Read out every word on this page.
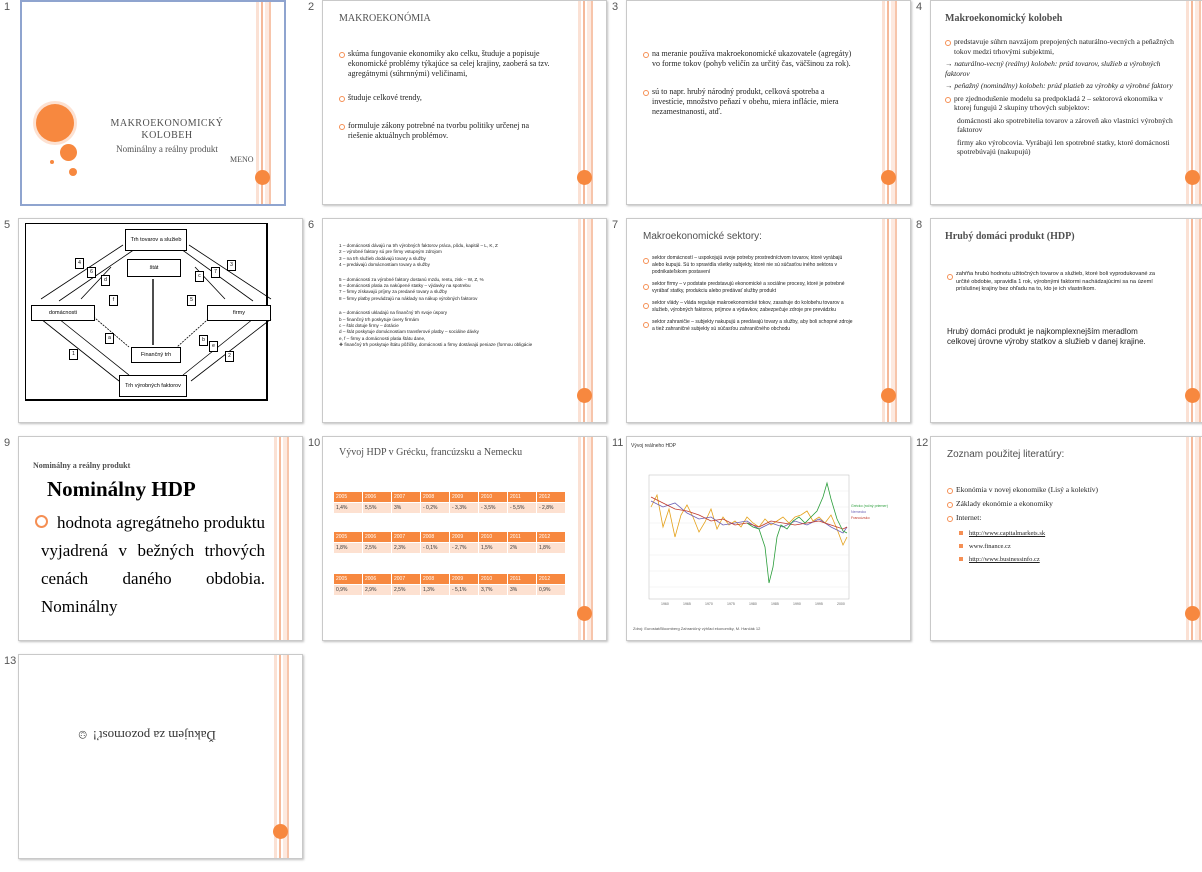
1
MAKROEKONOMICKÝ KOLOBEH
Nominálny a reálny produkt
MENO
2
MAKROEKONÓMIA
skúma fungovanie ekonomiky ako celku, študuje a popisuje ekonomické problémy týkajúce sa celej krajiny, zaoberá sa tzv. agregátnymi (súhrnnými) veličinami,
študuje celkové trendy,
formuluje zákony potrebné na tvorbu politiky určenej na riešenie aktuálnych problémov.
3
na meranie používa makroekonomické ukazovatele (agregáty) vo forme tokov (pohyb veličín za určitý čas, väčšinou za rok).
sú to napr. hrubý národný produkt, celková spotreba a investície, množstvo peňazí v obehu, miera inflácie, miera nezamestnanosti, atď.
4
Makroekonomický kolobeh
predstavuje súhrn navzájom prepojených naturálno-vecných a peňažných tokov medzi trhovými subjektmi,
→ naturálno-vecný (reálny) kolobeh: prúd tovarov, služieb a výrobných faktorov
→ peňažný (nominálny) kolobeh: prúd platieb za výrobky a výrobné faktory
pre zjednodušenie modelu sa predpokladá 2 – sektorová ekonomika v ktorej fungujú 2 skupiny trhových subjektov:
domácnosti ako spotrebitelia tovarov a zároveň ako vlastníci výrobných faktorov
firmy ako výrobcovia. Vyrábajú len spotrebné statky, ktoré domácnosti spotrebúvajú (nakupujú)
5
Trh tovarov a služieb
štát
domácnosti	firmy
Finančný trh
Trh výrobných faktorov
4
6
d
f
c
7
3
5
1
a	b
e
2
6
1 – domácnosti dávajú na trh výrobných faktorov práca, pôdu, kapitál – L, K, Z
2 – výrobné faktory sú pre firmy vstupným zdrojom
3 – na trh služieb dodávajú tovary a služby
4 – predávajú domácnostiam tovary a služby
5 – domácnosti za výrobné faktory dostanú mzdu, rentu, zisk – W, Z, %
6 – domácnosti platia za nakúpené statky – výdavky na spotrebu
7 – firmy získavajú príjmy za predané tovary a služby
8 – firmy platby prevádzajú na náklady na nákup výrobných faktorov
a – domácnosti ukladajú na finančný trh svoje úspory
b – finančný trh poskytuje úvery firmám
c – štát dotuje firmy – dotácie
d – štát poskytuje domácnostiam transferové platby – sociálne dávky
e, f – firmy a domácnosti platia štátu dane,
❖ finančný trh poskytuje štátu pôžičky, domácnosti a firmy dostávajú peniaze (formou obligácie
7
Makroekonomické sektory:
sektor domácností – uspokojujú svoje potreby prostredníctvom tovarov, ktoré vyrábajú alebo kupujú. Sú to spravidla všetky subjekty, ktoré nie sú súčasťou iného sektora v podnikateľskom postavení
sektor firmy – v podstate predstavujú ekonomické a sociálne procesy, ktoré je potrebné vyrábať statky, produkciu alebo predávať služby produkt
sektor vlády – vláda reguluje makroekonomické tokov, zasahuje do kolobehu tovarov a služieb, výrobných faktorov, príjmov a výdavkov, zabezpečuje zdroje pre prevádzku
sektor zahraničie – subjekty nakupujú a predávajú tovary a služby, aby boli schopné zdroje a tiež zahraničné subjekty sú súčasťou zahraničného obchodu
8
Hrubý domáci produkt (HDP)
zahŕňa hrubú hodnotu užitočných tovarov a služieb, ktoré boli vyprodukované za určité obdobie, spravidla 1 rok, výrobnými faktormi nachádzajúcimi sa na území príslušnej krajiny bez ohľadu na to, kto je ich vlastníkom.
Hrubý domáci produkt je najkomplexnejším meradlom celkovej úrovne výroby statkov a služieb v danej krajine.
9
Nominálny a reálny produkt
Nominálny HDP
hodnota agregátneho produktu vyjadrená v bežných trhových cenách daného obdobia. Nominálny
10
Vývoj HDP v Grécku, francúzsku a Nemecku
2005	2006	2007	2008	2009	2010	2011	2012
1,4%	5,5%	3%	- 0,2%	- 3,3%	- 3,5%	- 5,5%	- 2,8%
2005	2006	2007	2008	2009	2010	2011	2012
1,8%	2,5%	2,3%	- 0,1%	- 2,7%	1,5%	2%	1,8%
2005	2006	2007	2008	2009	2010	2011	2012
0,9%	2,9%	2,5%	1,3%	- 5,1%	3,7%	3%	0,9%
11 Vývoj reálneho HDP
1960	1965	1970	1975	1980	1985	1990	1995	2000
Grécko (ročný priemer)
Nemecko
Francúzsko
Zdroj: Eurostat/Bloomberg Zahraničný výhľad ekonomiky, M. Hančák 12
12
Zoznam použitej literatúry:
Ekonómia v novej ekonomike (Lisý a kolektív)
Základy ekonómie a ekonomiky
Internet:
http://www.capitalmarkets.sk
www.finance.cz
http://www.businessinfo.cz
13
Ďakujem za pozornosť! ☺
